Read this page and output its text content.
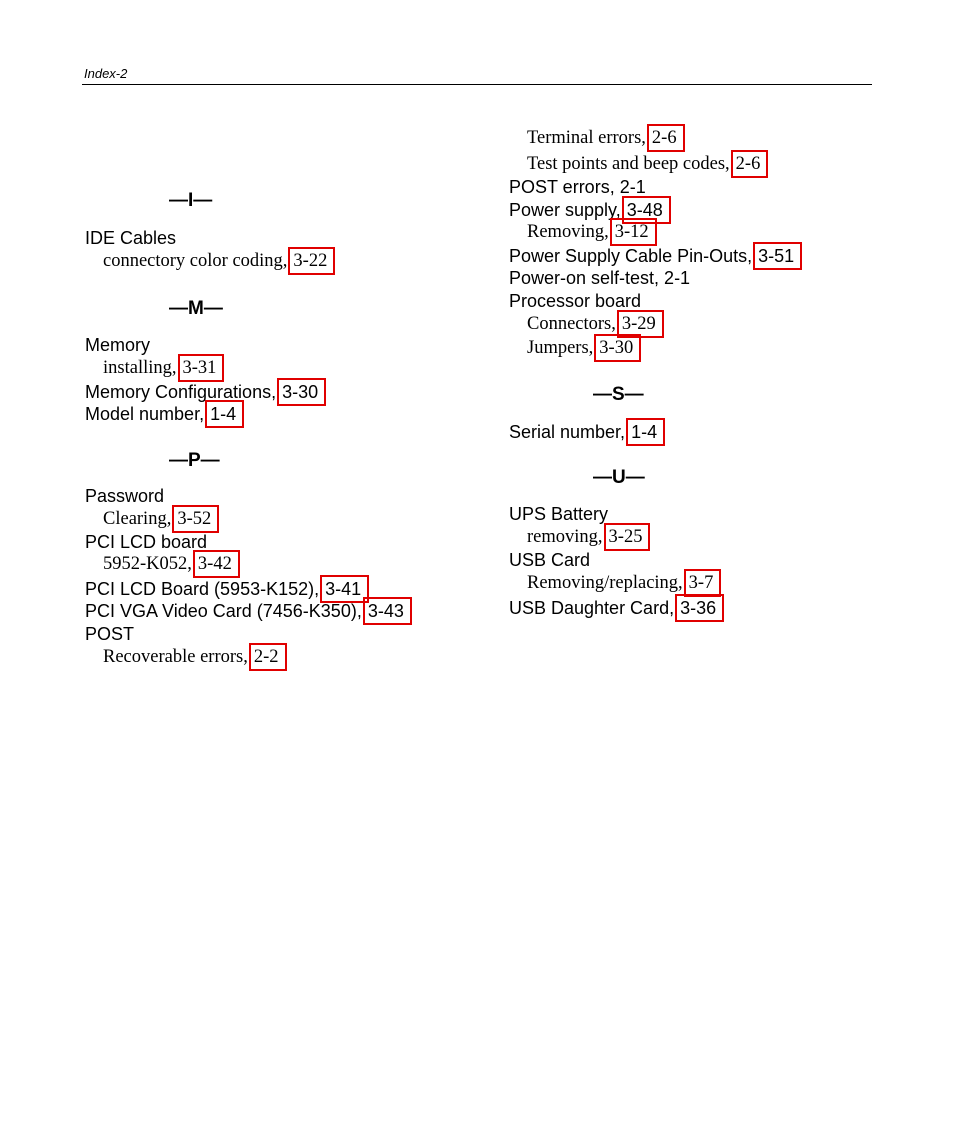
Index-2
—I—
IDE Cables
connectory color coding, 3-22
—M—
Memory
installing, 3-31
Memory Configurations, 3-30
Model number, 1-4
—P—
Password
Clearing, 3-52
PCI LCD board
5952-K052, 3-42
PCI LCD Board (5953-K152), 3-41
PCI VGA Video Card (7456-K350), 3-43
POST
Recoverable errors, 2-2
Terminal errors, 2-6
Test points and beep codes, 2-6
POST errors, 2-1
Power supply, 3-48
Removing, 3-12
Power Supply Cable Pin-Outs, 3-51
Power-on self-test, 2-1
Processor board
Connectors, 3-29
Jumpers, 3-30
—S—
Serial number, 1-4
—U—
UPS Battery
removing, 3-25
USB Card
Removing/replacing, 3-7
USB Daughter Card, 3-36
